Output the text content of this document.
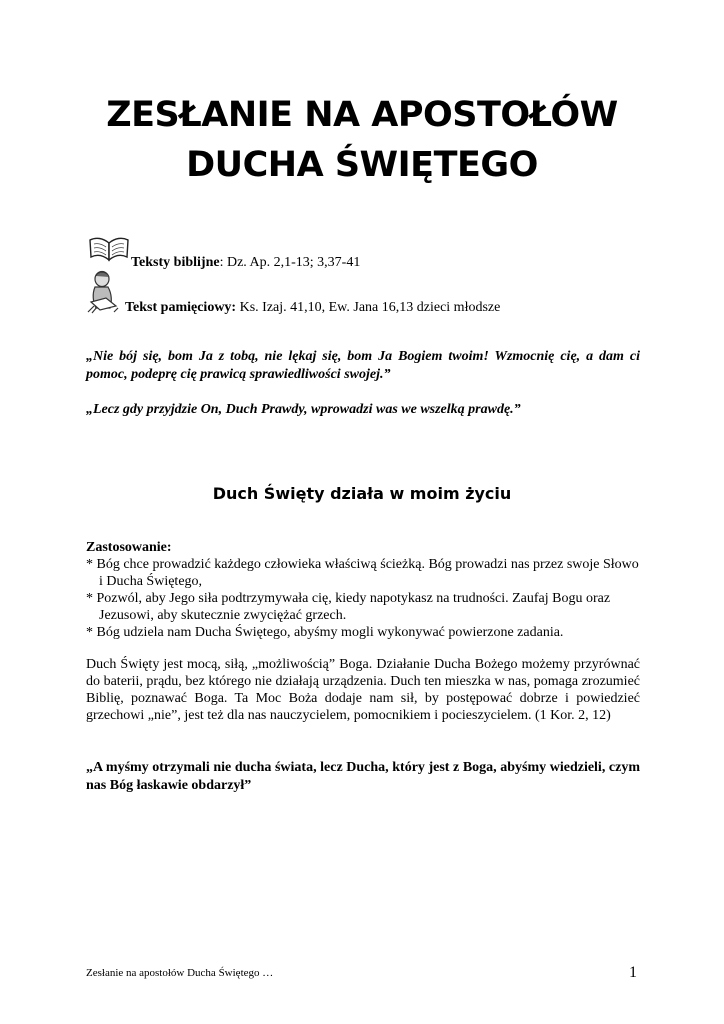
ZESŁANIE NA APOSTOŁÓW
DUCHA ŚWIĘTEGO
Teksty biblijne: Dz. Ap. 2,1-13; 3,37-41
Tekst pamięciowy: Ks. Izaj. 41,10, Ew. Jana 16,13 dzieci młodsze
„Nie bój się, bom Ja z tobą, nie lękaj się, bom Ja Bogiem twoim! Wzmocnię cię, a dam ci pomoc, podeprę cię prawicą sprawiedliwości swojej.”
„Lecz gdy przyjdzie On, Duch Prawdy, wprowadzi was we wszelką prawdę.”
Duch Święty działa w moim życiu
Zastosowanie:
* Bóg chce prowadzić każdego człowieka właściwą ścieżką. Bóg prowadzi nas przez swoje Słowo i Ducha Świętego,
* Pozwól, aby Jego siła podtrzymywała cię, kiedy napotykasz na trudności. Zaufaj Bogu oraz Jezusowi, aby skutecznie zwyciężać grzech.
* Bóg udziela nam Ducha Świętego, abyśmy mogli wykonywać powierzone zadania.
Duch Święty jest mocą, siłą, „możliwością” Boga. Działanie Ducha Bożego możemy przyrównać do baterii, prądu, bez którego nie działają urządzenia. Duch ten mieszka w nas, pomaga zrozumieć Biblię, poznawać Boga. Ta Moc Boża dodaje nam sił, by postępować dobrze i powiedzieć grzechowi „nie”, jest też dla nas nauczycielem, pomocnikiem i pocieszycielem. (1 Kor. 2, 12)
„A myśmy otrzymali nie ducha świata, lecz Ducha, który jest z Boga, abyśmy wiedzieli, czym nas Bóg łaskawie obdarzył”
Zesłanie na apostołów Ducha Świętego …	1
